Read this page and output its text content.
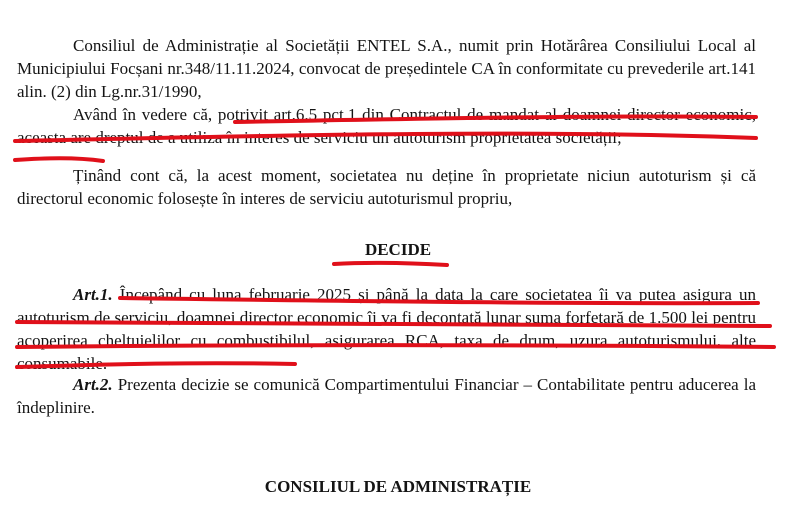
Consiliul de Administrație al Societății ENTEL S.A., numit prin Hotărârea Consiliului Local al Municipiului Focșani nr.348/11.11.2024, convocat de președintele CA în conformitate cu prevederile art.141 alin. (2) din Lg.nr.31/1990,

Având în vedere că, potrivit art.6.5 pct.1 din Contractul de mandat al doamnei director economic, aceasta are dreptul de a utiliza în interes de serviciu un autoturism proprietatea societății;

Ținând cont că, la acest moment, societatea nu deține în proprietate niciun autoturism și că directorul economic folosește în interes de serviciu autoturismul propriu,

DECIDE

Art.1. Începând cu luna februarie 2025 și până la data la care societatea îi va putea asigura un autoturism de serviciu, doamnei director economic îi va fi decontată lunar suma forfetară de 1.500 lei pentru acoperirea cheltuielilor cu combustibilul, asigurarea RCA, taxa de drum, uzura autoturismului, alte consumabile.

Art.2. Prezenta decizie se comunică Compartimentului Financiar – Contabilitate pentru aducerea la îndeplinire.

CONSILIUL DE ADMINISTRAȚIE
